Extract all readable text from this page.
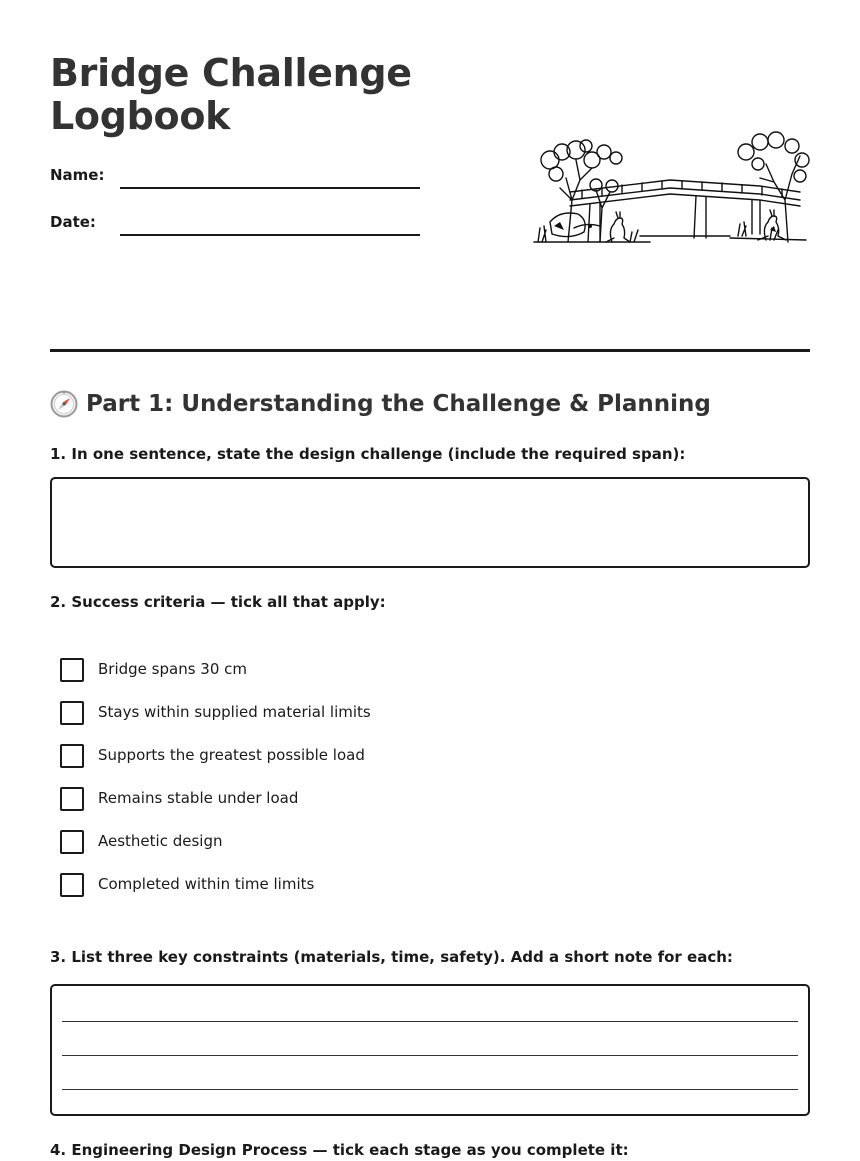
Bridge Challenge
Logbook
Name:
Date:
Part 1: Understanding the Challenge & Planning

1. In one sentence, state the design challenge (include the required span):

2. Success criteria — tick all that apply:

Bridge spans 30 cm
Stays within supplied material limits
Supports the greatest possible load
Remains stable under load
Aesthetic design
Completed within time limits

3. List three key constraints (materials, time, safety). Add a short note for each:

4. Engineering Design Process — tick each stage as you complete it:
